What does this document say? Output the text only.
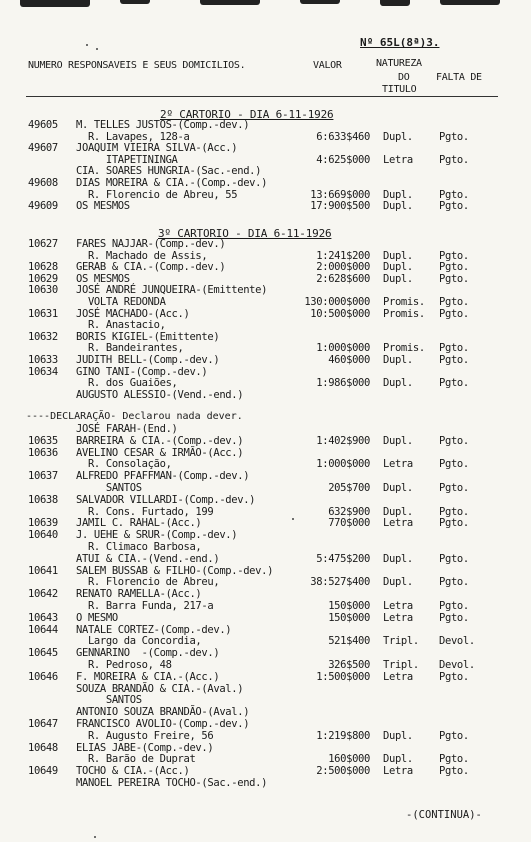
Nº 65L(8ª)3.
NUMERO RESPONSAVEIS E SEUS DOMICILIOS.	VALOR	NATUREZA
DO
TITULO
FALTA DE
2º CARTORIO - DIA 6-11-1926
49605 M. TELLES JUSTOS-(Comp.-dev.)
R. Lavapes, 128-a	6:633$460 Dupl. Pgto.
49607 JOAQUIM VIEIRA SILVA-(Acc.)
ITAPETININGA	4:625$000 Letra Pgto.
CIA. SOARES HUNGRIA-(Sac.-end.)
49608 DIAS MOREIRA & CIA.-(Comp.-dev.)
R. Florencio de Abreu, 55	13:669$000 Dupl. Pgto.
49609 OS MESMOS	17:900$500 Dupl. Pgto.
3º CARTORIO - DIA 6-11-1926
10627 FARES NAJJAR-(Comp.-dev.)
R. Machado de Assis,	1:241$200 Dupl. Pgto.
10628 GERAB & CIA.-(Comp.-dev.)	2:000$000 Dupl. Pgto.
10629 OS MESMOS	2:628$600 Dupl. Pgto.
10630 JOSÉ ANDRÉ JUNQUEIRA-(Emittente)
VOLTA REDONDA	130:000$000 Promis. Pgto.
10631 JOSÉ MACHADO-(Acc.)	10:500$000 Promis. Pgto.
R. Anastacio,
10632 BORIS KIGIEL-(Emittente)
R. Bandeirantes,	1:000$000 Promis. Pgto.
10633 JUDITH BELL-(Comp.-dev.)	460$000 Dupl. Pgto.
10634 GINO TANI-(Comp.-dev.)
R. dos Guaiões,	1:986$000 Dupl. Pgto.
AUGUSTO ALESSIO-(Vend.-end.)
----DECLARAÇÃO- Declarou nada dever.
JOSÉ FARAH-(End.)
10635 BARREIRA & CIA.-(Comp.-dev.)	1:402$900 Dupl. Pgto.
10636 AVELINO CESAR & IRMÃO-(Acc.)
R. Consolação,	1:000$000 Letra Pgto.
10637 ALFREDO PFAFFMAN-(Comp.-dev.)
SANTOS	205$700 Dupl. Pgto.
10638 SALVADOR VILLARDI-(Comp.-dev.)
R. Cons. Furtado, 199	632$900 Dupl. Pgto.
10639 JAMIL C. RAHAL-(Acc.)	770$000 Letra Pgto.
10640 J. UEHE & SRUR-(Comp.-dev.)
R. Climaco Barbosa,
ATUI & CIA.-(Vend.-end.)	5:475$200 Dupl. Pgto.
10641 SALEM BUSSAB & FILHO-(Comp.-dev.)
R. Florencio de Abreu,	38:527$400 Dupl. Pgto.
10642 RENATO RAMELLA-(Acc.)
R. Barra Funda, 217-a	150$000 Letra Pgto.
10643 O MESMO	150$000 Letra Pgto.
10644 NATALE CORTEZ-(Comp.-dev.)
Largo da Concordia,	521$400 Tripl. Devol.
10645 GENNARINO  -(Comp.-dev.)
R. Pedroso, 48	326$500 Tripl. Devol.
10646 F. MOREIRA & CIA.-(Acc.)	1:500$000 Letra Pgto.
SOUZA BRANDÃO & CIA.-(Aval.)
SANTOS
ANTONIO SOUZA BRANDÃO-(Aval.)
10647 FRANCISCO AVOLIO-(Comp.-dev.)
R. Augusto Freire, 56	1:219$800 Dupl. Pgto.
10648 ELIAS JABE-(Comp.-dev.)
R. Barão de Duprat	160$000 Dupl. Pgto.
10649 TOCHO & CIA.-(Acc.)	2:500$000 Letra Pgto.
MANOEL PEREIRA TOCHO-(Sac.-end.)
-(CONTINUA)-
